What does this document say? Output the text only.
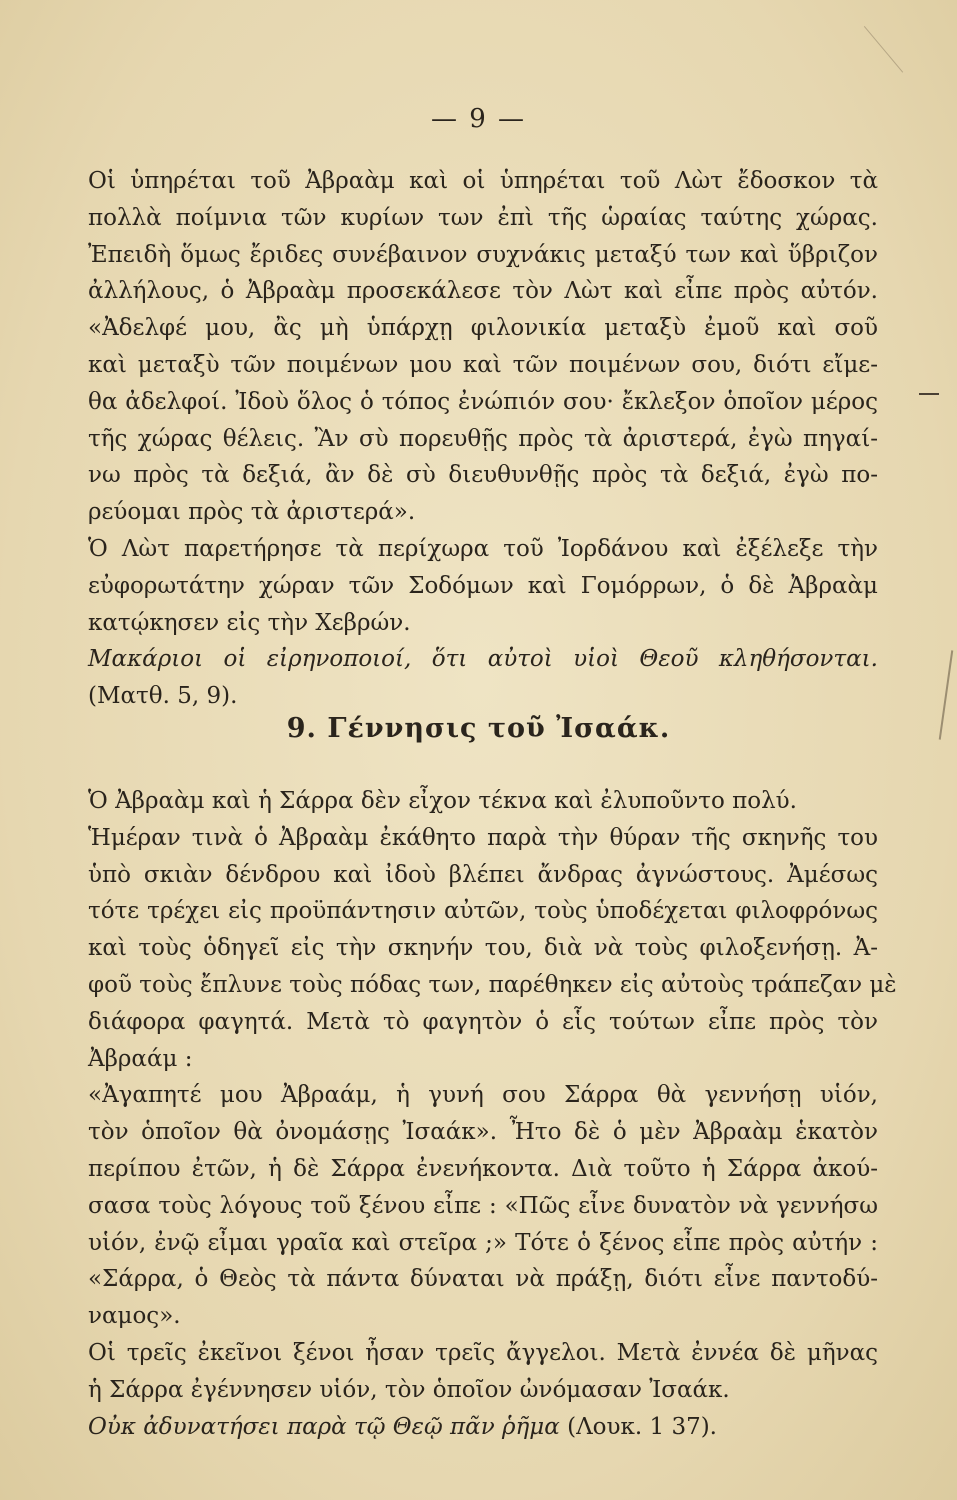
— 9 —
Οἱ ὑπηρέται τοῦ Ἀβραὰμ καὶ οἱ ὑπηρέται τοῦ Λὼτ ἔδοσκον τὰ
πολλὰ ποίμνια τῶν κυρίων των ἐπὶ τῆς ὡραίας ταύτης χώρας.
Ἐπειδὴ ὅμως ἔριδες συνέβαινον συχνάκις μεταξύ των καὶ ὕβριζον
ἀλλήλους, ὁ Ἀβραὰμ προσεκάλεσε τὸν Λὼτ καὶ εἶπε πρὸς αὐτόν.
«Ἀδελφέ μου, ἂς μὴ ὑπάρχῃ φιλονικία μεταξὺ ἐμοῦ καὶ σοῦ
καὶ μεταξὺ τῶν ποιμένων μου καὶ τῶν ποιμένων σου, διότι εἴμε-
θα ἀδελφοί. Ἰδοὺ ὅλος ὁ τόπος ἐνώπιόν σου· ἔκλεξον ὁποῖον μέρος
τῆς χώρας θέλεις. Ἂν σὺ πορευθῇς πρὸς τὰ ἀριστερά, ἐγὼ πηγαί-
νω πρὸς τὰ δεξιά, ἂν δὲ σὺ διευθυνθῇς πρὸς τὰ δεξιά, ἐγὼ πο-
ρεύομαι πρὸς τὰ ἀριστερά».
Ὁ Λὼτ παρετήρησε τὰ περίχωρα τοῦ Ἰορδάνου καὶ ἐξέλεξε τὴν
εὐφορωτάτην χώραν τῶν Σοδόμων καὶ Γομόρρων, ὁ δὲ Ἀβραὰμ
κατῴκησεν εἰς τὴν Χεβρών.
Μακάριοι οἱ εἰρηνοποιοί, ὅτι αὐτοὶ υἱοὶ Θεοῦ κληθήσονται.
(Ματθ. 5, 9).
9. Γέννησις τοῦ Ἰσαάκ.
Ὁ Ἀβραὰμ καὶ ἡ Σάρρα δὲν εἶχον τέκνα καὶ ἐλυποῦντο πολύ.
Ἡμέραν τινὰ ὁ Ἀβραὰμ ἐκάθητο παρὰ τὴν θύραν τῆς σκηνῆς του
ὑπὸ σκιὰν δένδρου καὶ ἰδοὺ βλέπει ἄνδρας ἀγνώστους. Ἀμέσως
τότε τρέχει εἰς προϋπάντησιν αὐτῶν, τοὺς ὑποδέχεται φιλοφρόνως
καὶ τοὺς ὁδηγεῖ εἰς τὴν σκηνήν του, διὰ νὰ τοὺς φιλοξενήσῃ. Ἀ-
φοῦ τοὺς ἔπλυνε τοὺς πόδας των, παρέθηκεν εἰς αὐτοὺς τράπεζαν μὲ
διάφορα φαγητά. Μετὰ τὸ φαγητὸν ὁ εἷς τούτων εἶπε πρὸς τὸν
Ἀβραάμ :
«Ἀγαπητέ μου Ἀβραάμ, ἡ γυνή σου Σάρρα θὰ γεννήσῃ υἱόν,
τὸν ὁποῖον θὰ ὀνομάσῃς Ἰσαάκ». Ἦτο δὲ ὁ μὲν Ἀβραὰμ ἑκατὸν
περίπου ἐτῶν, ἡ δὲ Σάρρα ἐνενήκοντα. Διὰ τοῦτο ἡ Σάρρα ἀκού-
σασα τοὺς λόγους τοῦ ξένου εἶπε : «Πῶς εἶνε δυνατὸν νὰ γεννήσω
υἱόν, ἐνῷ εἶμαι γραῖα καὶ στεῖρα ;» Τότε ὁ ξένος εἶπε πρὸς αὐτήν :
«Σάρρα, ὁ Θεὸς τὰ πάντα δύναται νὰ πράξῃ, διότι εἶνε παντοδύ-
ναμος».
Οἱ τρεῖς ἐκεῖνοι ξένοι ἦσαν τρεῖς ἄγγελοι. Μετὰ ἐννέα δὲ μῆνας
ἡ Σάρρα ἐγέννησεν υἱόν, τὸν ὁποῖον ὠνόμασαν Ἰσαάκ.
Οὐκ ἀδυνατήσει παρὰ τῷ Θεῷ πᾶν ῥῆμα (Λουκ. 1 37).
